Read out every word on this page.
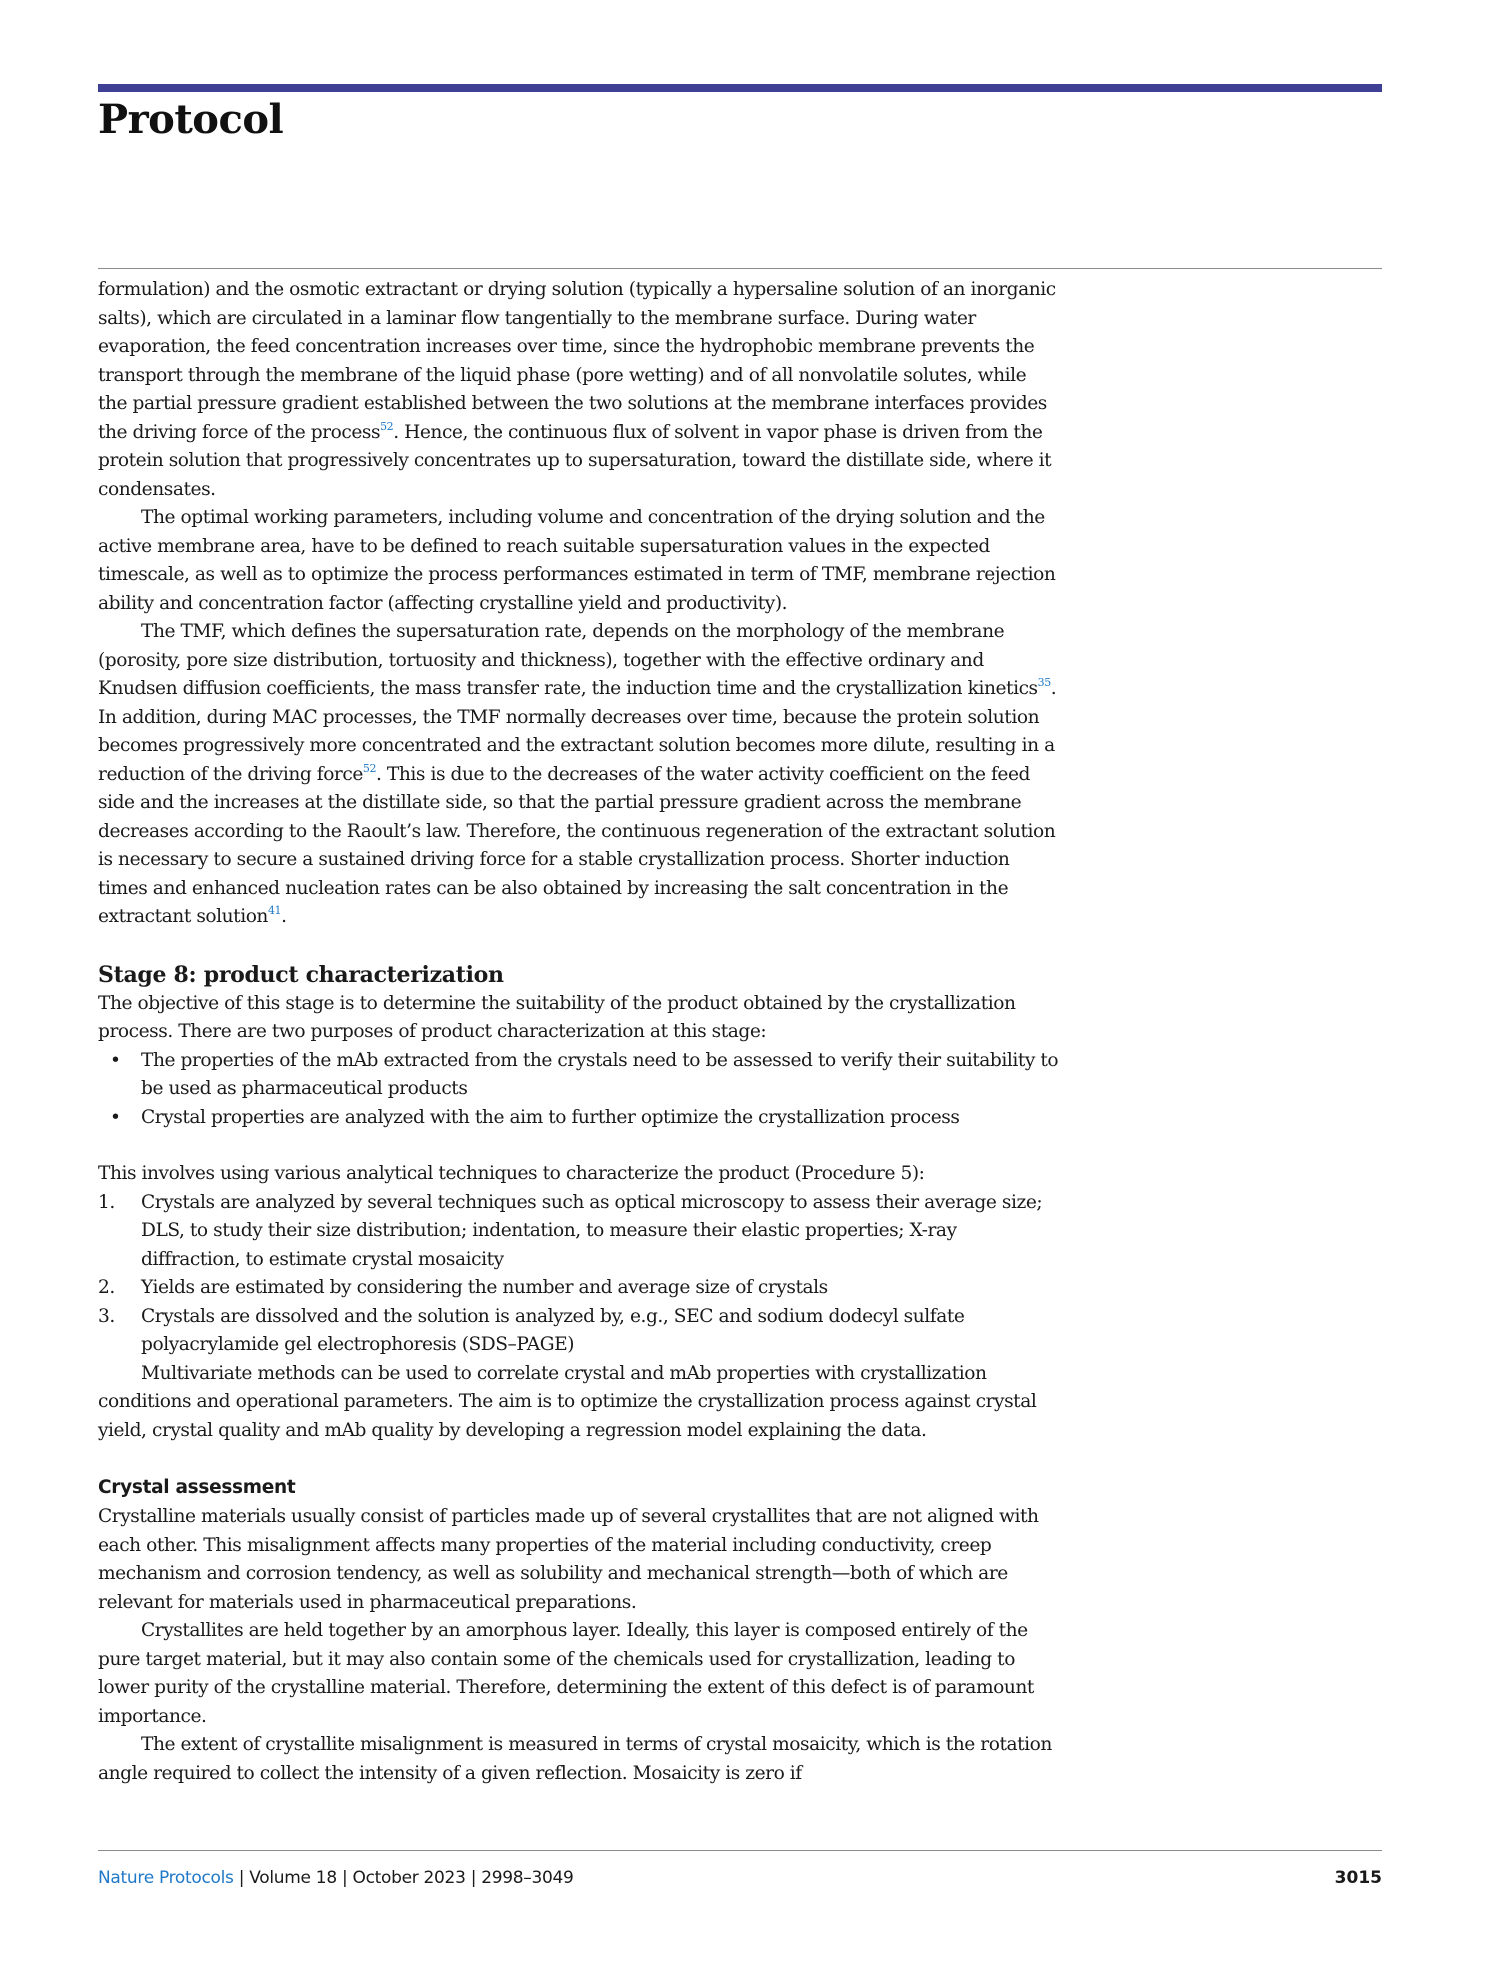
Protocol

formulation) and the osmotic extractant or drying solution (typically a hypersaline solution of an inorganic salts), which are circulated in a laminar flow tangentially to the membrane surface. During water evaporation, the feed concentration increases over time, since the hydrophobic membrane prevents the transport through the membrane of the liquid phase (pore wetting) and of all nonvolatile solutes, while the partial pressure gradient established between the two solutions at the membrane interfaces provides the driving force of the process$^{52}$. Hence, the continuous flux of solvent in vapor phase is driven from the protein solution that progressively concentrates up to supersaturation, toward the distillate side, where it condensates.

The optimal working parameters, including volume and concentration of the drying solution and the active membrane area, have to be defined to reach suitable supersaturation values in the expected timescale, as well as to optimize the process performances estimated in term of TMF, membrane rejection ability and concentration factor (affecting crystalline yield and productivity).

The TMF, which defines the supersaturation rate, depends on the morphology of the membrane (porosity, pore size distribution, tortuosity and thickness), together with the effective ordinary and Knudsen diffusion coefficients, the mass transfer rate, the induction time and the crystallization kinetics$^{35}$. In addition, during MAC processes, the TMF normally decreases over time, because the protein solution becomes progressively more concentrated and the extractant solution becomes more dilute, resulting in a reduction of the driving force$^{52}$. This is due to the decreases of the water activity coefficient on the feed side and the increases at the distillate side, so that the partial pressure gradient across the membrane decreases according to the Raoult’s law. Therefore, the continuous regeneration of the extractant solution is necessary to secure a sustained driving force for a stable crystallization process. Shorter induction times and enhanced nucleation rates can be also obtained by increasing the salt concentration in the extractant solution$^{41}$.

Stage 8: product characterization

The objective of this stage is to determine the suitability of the product obtained by the crystallization process. There are two purposes of product characterization at this stage:

• The properties of the mAb extracted from the crystals need to be assessed to verify their suitability to be used as pharmaceutical products
• Crystal properties are analyzed with the aim to further optimize the crystallization process

This involves using various analytical techniques to characterize the product (Procedure 5):

1. Crystals are analyzed by several techniques such as optical microscopy to assess their average size; DLS, to study their size distribution; indentation, to measure their elastic properties; X-ray diffraction, to estimate crystal mosaicity
2. Yields are estimated by considering the number and average size of crystals
3. Crystals are dissolved and the solution is analyzed by, e.g., SEC and sodium dodecyl sulfate polyacrylamide gel electrophoresis (SDS–PAGE)

Multivariate methods can be used to correlate crystal and mAb properties with crystallization conditions and operational parameters. The aim is to optimize the crystallization process against crystal yield, crystal quality and mAb quality by developing a regression model explaining the data.

Crystal assessment

Crystalline materials usually consist of particles made up of several crystallites that are not aligned with each other. This misalignment affects many properties of the material including conductivity, creep mechanism and corrosion tendency, as well as solubility and mechanical strength—both of which are relevant for materials used in pharmaceutical preparations.

Crystallites are held together by an amorphous layer. Ideally, this layer is composed entirely of the pure target material, but it may also contain some of the chemicals used for crystallization, leading to lower purity of the crystalline material. Therefore, determining the extent of this defect is of paramount importance.

The extent of crystallite misalignment is measured in terms of crystal mosaicity, which is the rotation angle required to collect the intensity of a given reflection. Mosaicity is zero if

Nature Protocols | Volume 18 | October 2023 | 2998–3049	3015
